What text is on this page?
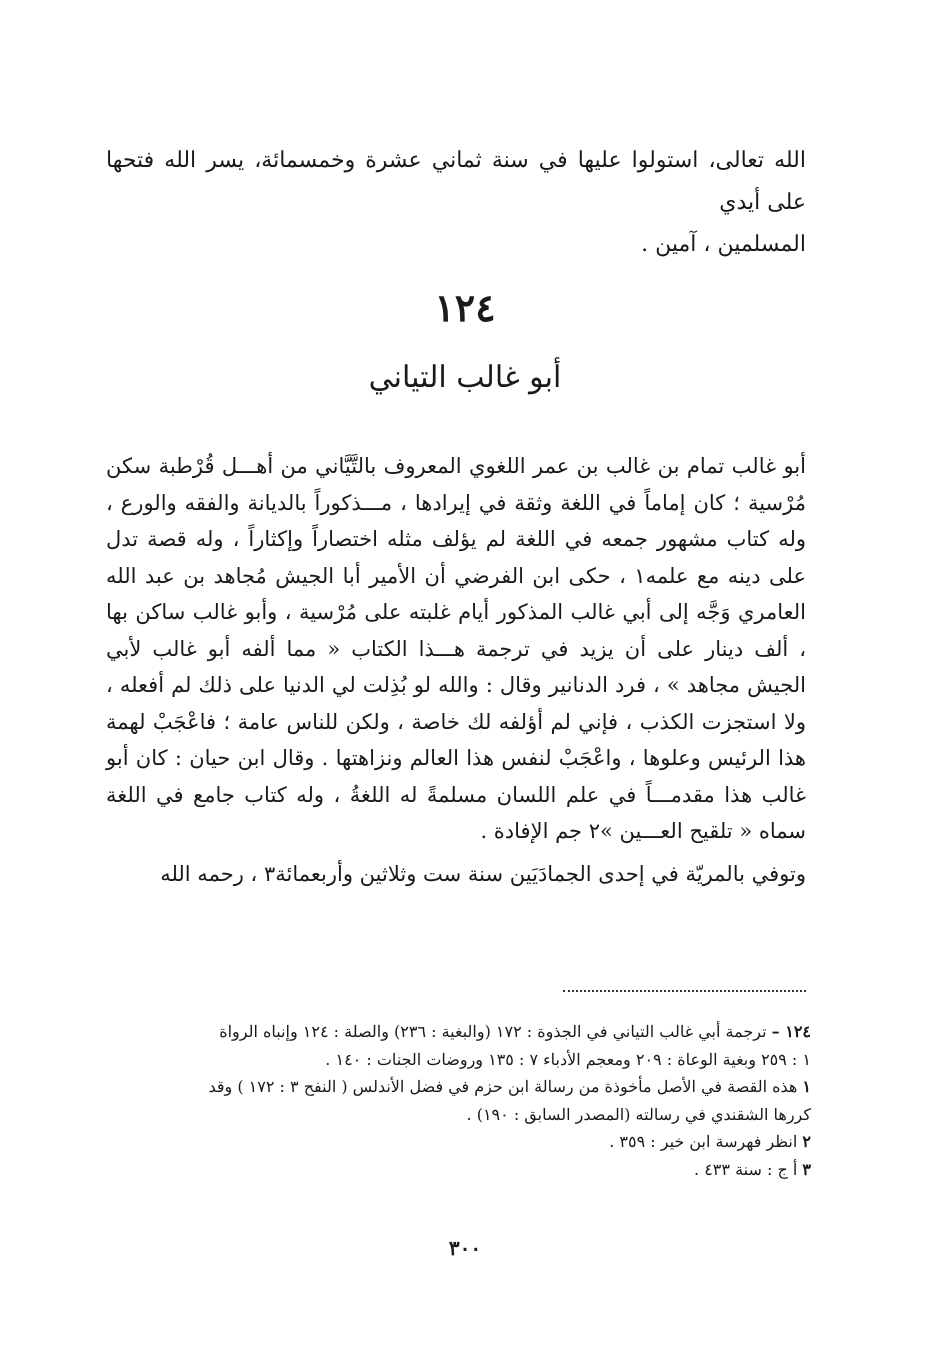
الله تعالى، استولوا عليها في سنة ثماني عشرة وخمسمائة، يسر الله فتحها على أيدي

المسلمين ، آمين .

١٢٤
أبو غالب التياني

أبو غالب تمام بن غالب بن عمر اللغوي المعروف بالتَّيَّاني من أهـــل قُرْطبة سكن مُرْسية ؛ كان إماماً في اللغة وثقة في إيرادها ، مـــذكوراً بالديانة والفقه والورع ، وله كتاب مشهور جمعه في اللغة لم يؤلف مثله اختصاراً وإكثاراً ، وله قصة تدل على دينه مع علمه١ ، حكى ابن الفرضي أن الأمير أبا الجيش مُجاهد بن عبد الله العامري وَجَّه إلى أبي غالب المذكور أيام غلبته على مُرْسية ، وأبو غالب ساكن بها ، ألف دينار على أن يزيد في ترجمة هـــذا الكتاب « مما ألفه أبو غالب لأبي الجيش مجاهد » ، فرد الدنانير وقال : والله لو بُذِلت لي الدنيا على ذلك لم أفعله ، ولا استجزت الكذب ، فإني لم أؤلفه لك خاصة ، ولكن للناس عامة ؛ فاعْجَبْ لهمة هذا الرئيس وعلوها ، واعْجَبْ لنفس هذا العالم ونزاهتها . وقال ابن حيان : كان أبو غالب هذا مقدمـــاً في علم اللسان مسلمةً له اللغةُ ، وله كتاب جامع في اللغة سماه « تلقيح العـــين »٢ جم الإفادة .

وتوفي بالمريّة في إحدى الجمادَيَين سنة ست وثلاثين وأربعمائة٣ ، رحمه الله

١٢٤ – ترجمة أبي غالب التياني في الجذوة : ١٧٢ (والبغية : ٢٣٦) والصلة : ١٢٤ وإنباه الرواة

١ : ٢٥٩ وبغية الوعاة : ٢٠٩ ومعجم الأدباء ٧ : ١٣٥ وروضات الجنات : ١٤٠ .

١ هذه القصة في الأصل مأخوذة من رسالة ابن حزم في فضل الأندلس ( النفح ٣ : ١٧٢ ) وقد

كررها الشقندي في رسالته (المصدر السابق : ١٩٠) .

٢ انظر فهرسة ابن خير : ٣٥٩ .

٣ أ ج : سنة ٤٣٣ .

٣٠٠
